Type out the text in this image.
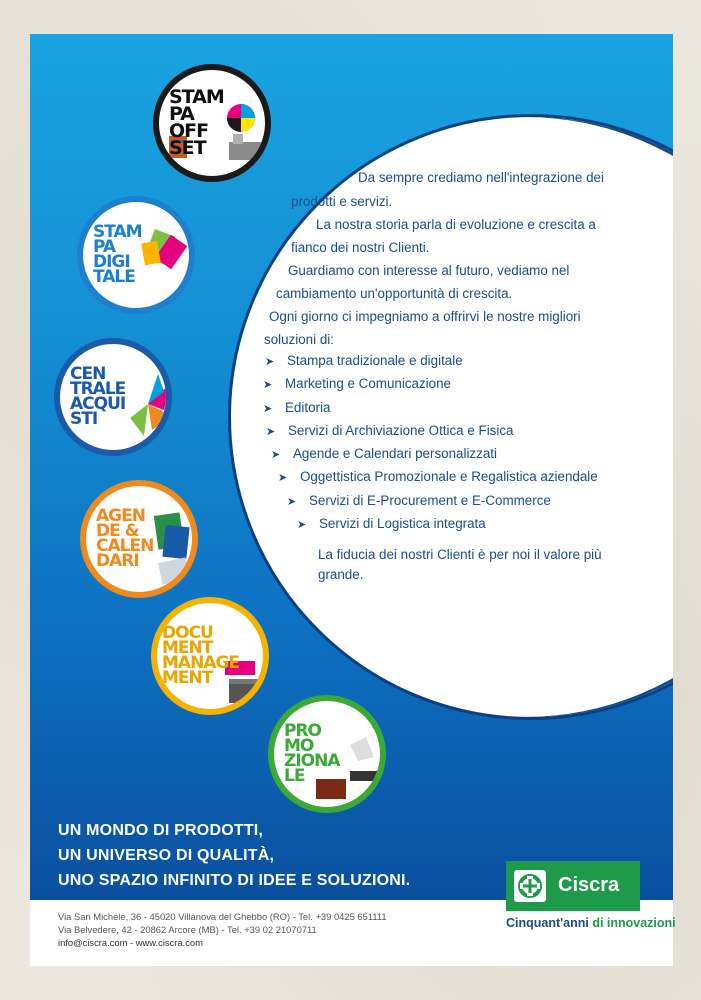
STAM
PA
OFF
SET
STAM
PA
DIGI
TALE
CEN
TRALE
ACQUI
STI
AGEN
DE &
CALEN
DARI
DOCU
MENT
MANAGE
MENT
PRO
MO
ZIONA
LE
Da sempre crediamo nell'integrazione dei
prodotti e servizi.
La nostra storia parla di evoluzione e crescita a
fianco dei nostri Clienti.
Guardiamo con interesse al futuro, vediamo nel
cambiamento un'opportunità di crescita.
Ogni giorno ci impegniamo a offrirvi le nostre migliori
soluzioni di:
➤ Stampa tradizionale e digitale
➤ Marketing e Comunicazione
➤ Editoria
➤ Servizi di Archiviazione Ottica e Fisica
➤ Agende e Calendari personalizzati
➤ Oggettistica Promozionale e Regalistica aziendale
➤ Servizi di E-Procurement e E-Commerce
➤ Servizi di Logistica integrata
La fiducia dei nostri Clienti è per noi il valore più
grande.
UN MONDO DI PRODOTTI,
UN UNIVERSO DI QUALITÀ,
UNO SPAZIO INFINITO DI IDEE E SOLUZIONI.
Via San Michele, 36 - 45020 Villanova del Ghebbo (RO) - Tel. +39 0425 651111
Via Belvedere, 42 - 20862 Arcore (MB) - Tel. +39 02 21070711
info@ciscra.com - www.ciscra.com
Ciscra
Cinquant'anni di innovazioni
